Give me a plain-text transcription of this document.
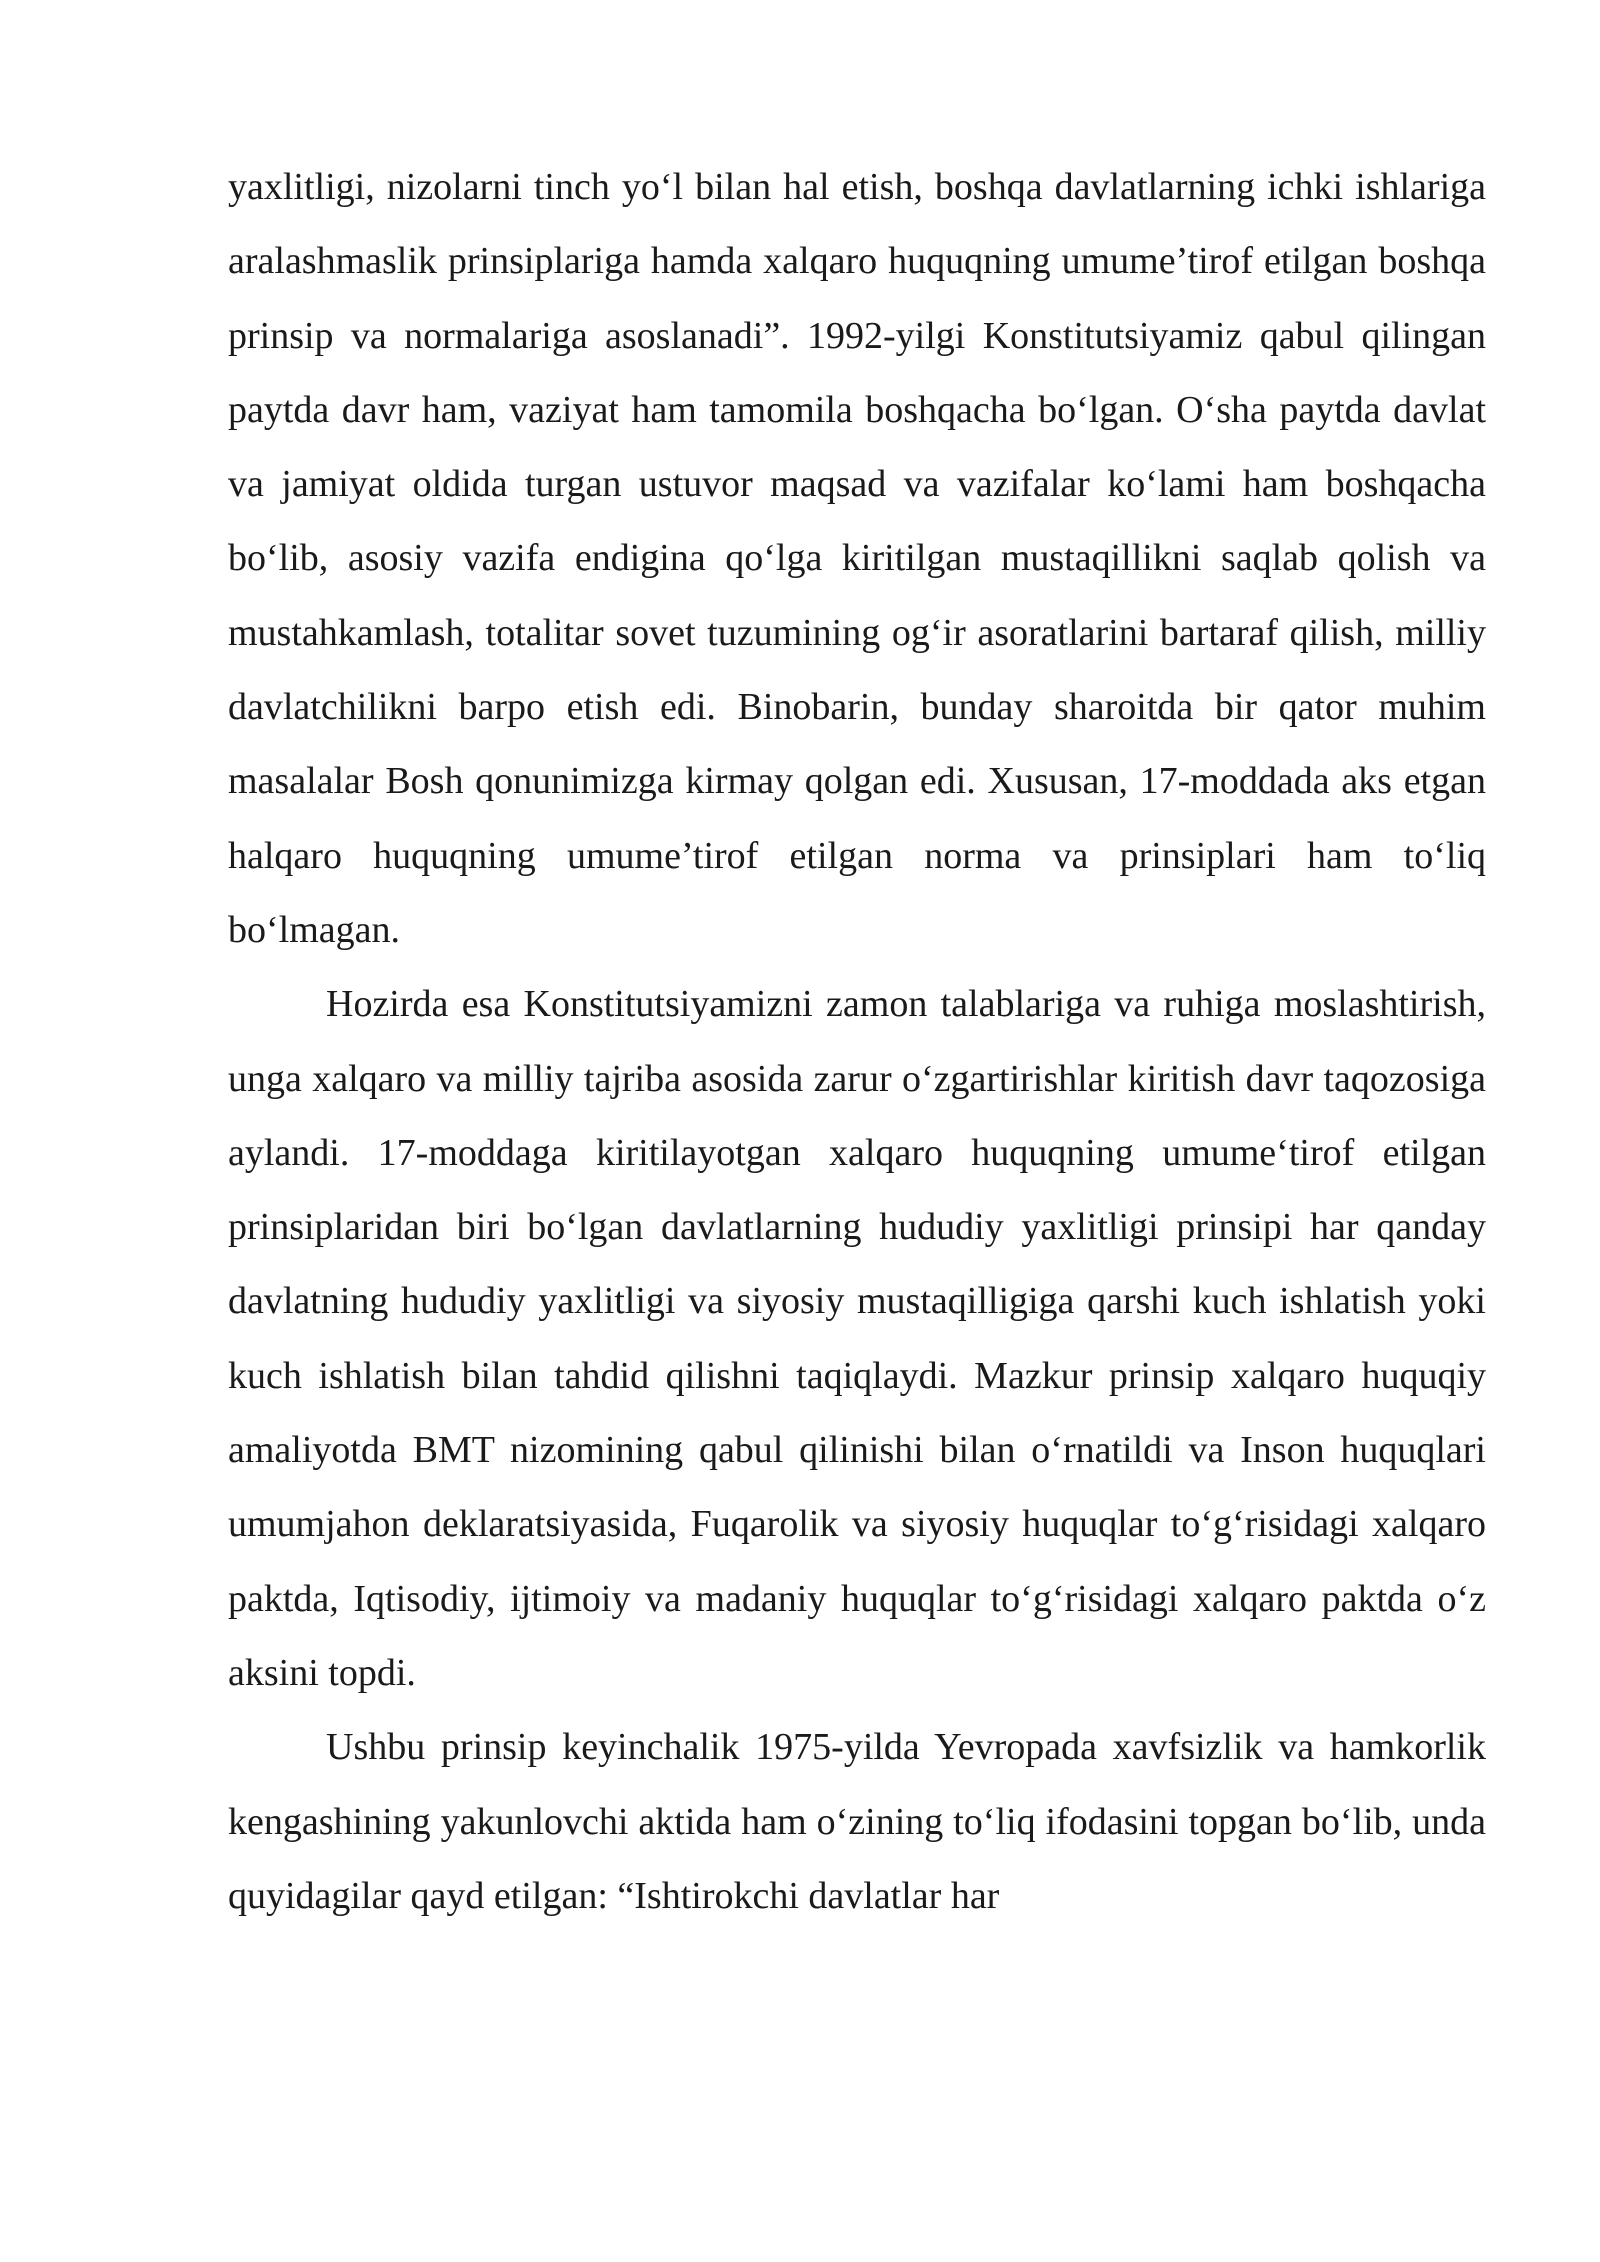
yaxlitligi, nizolarni tinch yo‘l bilan hal etish, boshqa davlatlarning ichki ishlariga aralashmaslik prinsiplariga hamda xalqaro huquqning umume’tirof etilgan boshqa prinsip va normalariga asoslanadi”. 1992-yilgi Konstitutsiyamiz qabul qilingan paytda davr ham, vaziyat ham tamomila boshqacha bo‘lgan. O‘sha paytda davlat va jamiyat oldida turgan ustuvor maqsad va vazifalar ko‘lami ham boshqacha bo‘lib, asosiy vazifa endigina qo‘lga kiritilgan mustaqillikni saqlab qolish va mustahkamlash, totalitar sovet tuzumining og‘ir asoratlarini bartaraf qilish, milliy davlatchilikni barpo etish edi. Binobarin, bunday sharoitda bir qator muhim masalalar Bosh qonunimizga kirmay qolgan edi. Xususan, 17-moddada aks etgan halqaro huquqning umume’tirof etilgan norma va prinsiplari ham to‘liq bo‘lmagan.

Hozirda esa Konstitutsiyamizni zamon talablariga va ruhiga moslashtirish, unga xalqaro va milliy tajriba asosida zarur o‘zgartirishlar kiritish davr taqozosiga aylandi. 17-moddaga kiritilayotgan xalqaro huquqning umume‘tirof etilgan prinsiplaridan biri bo‘lgan davlatlarning hududiy yaxlitligi prinsipi har qanday davlatning hududiy yaxlitligi va siyosiy mustaqilligiga qarshi kuch ishlatish yoki kuch ishlatish bilan tahdid qilishni taqiqlaydi. Mazkur prinsip xalqaro huquqiy amaliyotda BMT nizomining qabul qilinishi bilan o‘rnatildi va Inson huquqlari umumjahon deklaratsiyasida, Fuqarolik va siyosiy huquqlar to‘g‘risidagi xalqaro paktda, Iqtisodiy, ijtimoiy va madaniy huquqlar to‘g‘risidagi xalqaro paktda o‘z aksini topdi.

Ushbu prinsip keyinchalik 1975-yilda Yevropada xavfsizlik va hamkorlik kengashining yakunlovchi aktida ham o‘zining to‘liq ifodasini topgan bo‘lib, unda quyidagilar qayd etilgan: “Ishtirokchi davlatlar har
